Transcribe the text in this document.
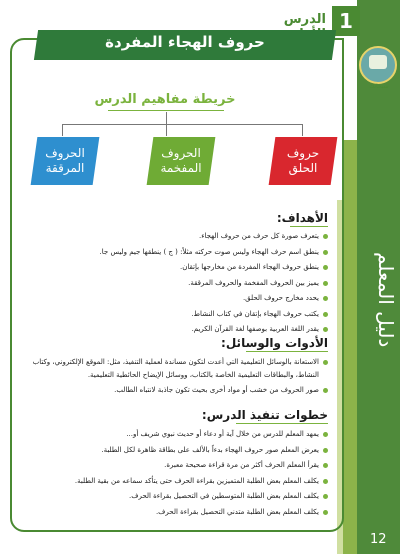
دليل المعلم
12
الدرس 1
سبحانك
حروف الهجاء المفردة
خريطة مفاهيم الدرس
حروف الحلق
الحروف المفخمة
الحروف المرققة
الأهداف:
يتعرف صورة كل حرف من حروف الهجاء.
ينطق اسم حرف الهجاء وليس صوت حركته مثلاً: ( ج ) ينطقها جيم وليس جا.
ينطق حروف الهجاء المفردة من مخارجها بإتقان.
يميز بين الحروف المفخمة والحروف المرققة.
يحدد مخارج حروف الحلق.
يكتب حروف الهجاء بإتقان في كتاب النشاط.
يقدر اللغة العربية بوصفها لغة القرآن الكريم.
الأدوات والوسائل:
الاستعانة بالوسائل التعليمية التي أعدت لتكون مساندة لعملية التنفيذ، مثل: الموقع الإلكتروني، وكتاب النشاط، والبطاقات التعليمية الخاصة بالكتاب، ووسائل الإيضاح الحائطية التعليمية.
صور الحروف من خشب أو مواد أخرى بحيث تكون جاذبة لانتباه الطالب.
خطوات تنفيذ الدرس:
يمهد المعلم للدرس من خلال آية أو دعاء أو حديث نبوي شريف أو...
يعرض المعلم صور حروف الهجاء بدءاً بالألف على بطاقة ظاهرة لكل الطلبة.
يقرأ المعلم الحرف أكثر من مرة قراءة صحيحة معبرة.
يكلف المعلم بعض الطلبة المتميزين بقراءة الحرف حتى يتأكد سماعه من بقية الطلبة.
يكلف المعلم بعض الطلبة المتوسطين في التحصيل بقراءة الحرف.
يكلف المعلم بعض الطلبة متدني التحصيل بقراءة الحرف.
